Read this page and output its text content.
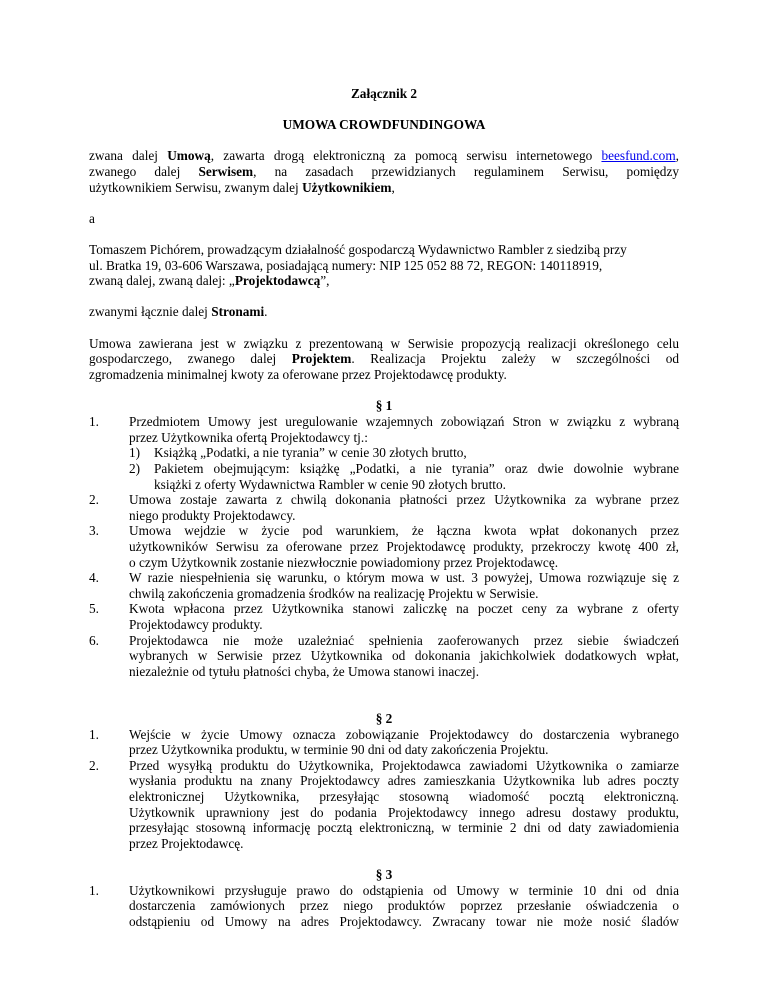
Załącznik 2
UMOWA CROWDFUNDINGOWA
zwana dalej Umową, zawarta drogą elektroniczną za pomocą serwisu internetowego beesfund.com,
zwanego dalej Serwisem, na zasadach przewidzianych regulaminem Serwisu, pomiędzy
użytkownikiem Serwisu, zwanym dalej Użytkownikiem,
a
Tomaszem Pichórem, prowadzącym działalność gospodarczą Wydawnictwo Rambler z siedzibą przy
ul. Bratka 19, 03-606 Warszawa, posiadającą numery: NIP 125 052 88 72, REGON: 140118919,
zwaną dalej, zwaną dalej: „Projektodawcą”,
zwanymi łącznie dalej Stronami.
Umowa zawierana jest w związku z prezentowaną w Serwisie propozycją realizacji określonego celu
gospodarczego, zwanego dalej Projektem. Realizacja Projektu zależy w szczególności od
zgromadzenia minimalnej kwoty za oferowane przez Projektodawcę produkty.
§ 1
1.	Przedmiotem Umowy jest uregulowanie wzajemnych zobowiązań Stron w związku z wybraną
przez Użytkownika ofertą Projektodawcy tj.:
1) Książką „Podatki, a nie tyrania” w cenie 30 złotych brutto,
2)	Pakietem obejmującym: książkę „Podatki, a nie tyrania” oraz dwie dowolnie wybrane
książki z oferty Wydawnictwa Rambler w cenie 90 złotych brutto.
2.	Umowa zostaje zawarta z chwilą dokonania płatności przez Użytkownika za wybrane przez
niego produkty Projektodawcy.
3.	Umowa wejdzie w życie pod warunkiem, że łączna kwota wpłat dokonanych przez
użytkowników Serwisu za oferowane przez Projektodawcę produkty, przekroczy kwotę 400 zł,
o czym Użytkownik zostanie niezwłocznie powiadomiony przez Projektodawcę.
4.	W razie niespełnienia się warunku, o którym mowa w ust. 3 powyżej, Umowa rozwiązuje się z
chwilą zakończenia gromadzenia środków na realizację Projektu w Serwisie.
5.	Kwota wpłacona przez Użytkownika stanowi zaliczkę na poczet ceny za wybrane z oferty
Projektodawcy produkty.
6.	Projektodawca nie może uzależniać spełnienia zaoferowanych przez siebie świadczeń
wybranych w Serwisie przez Użytkownika od dokonania jakichkolwiek dodatkowych wpłat,
niezależnie od tytułu płatności chyba, że Umowa stanowi inaczej.
§ 2
1.	Wejście w życie Umowy oznacza zobowiązanie Projektodawcy do dostarczenia wybranego
przez Użytkownika produktu, w terminie 90 dni od daty zakończenia Projektu.
2.	Przed wysyłką produktu do Użytkownika, Projektodawca zawiadomi Użytkownika o zamiarze
wysłania produktu na znany Projektodawcy adres zamieszkania Użytkownika lub adres poczty
elektronicznej Użytkownika, przesyłając stosowną wiadomość pocztą elektroniczną.
Użytkownik uprawniony jest do podania Projektodawcy innego adresu dostawy produktu,
przesyłając stosowną informację pocztą elektroniczną, w terminie 2 dni od daty zawiadomienia
przez Projektodawcę.
§ 3
1.	Użytkownikowi przysługuje prawo do odstąpienia od Umowy w terminie 10 dni od dnia
dostarczenia zamówionych przez niego produktów poprzez przesłanie oświadczenia o
odstąpieniu od Umowy na adres Projektodawcy. Zwracany towar nie może nosić śladów
